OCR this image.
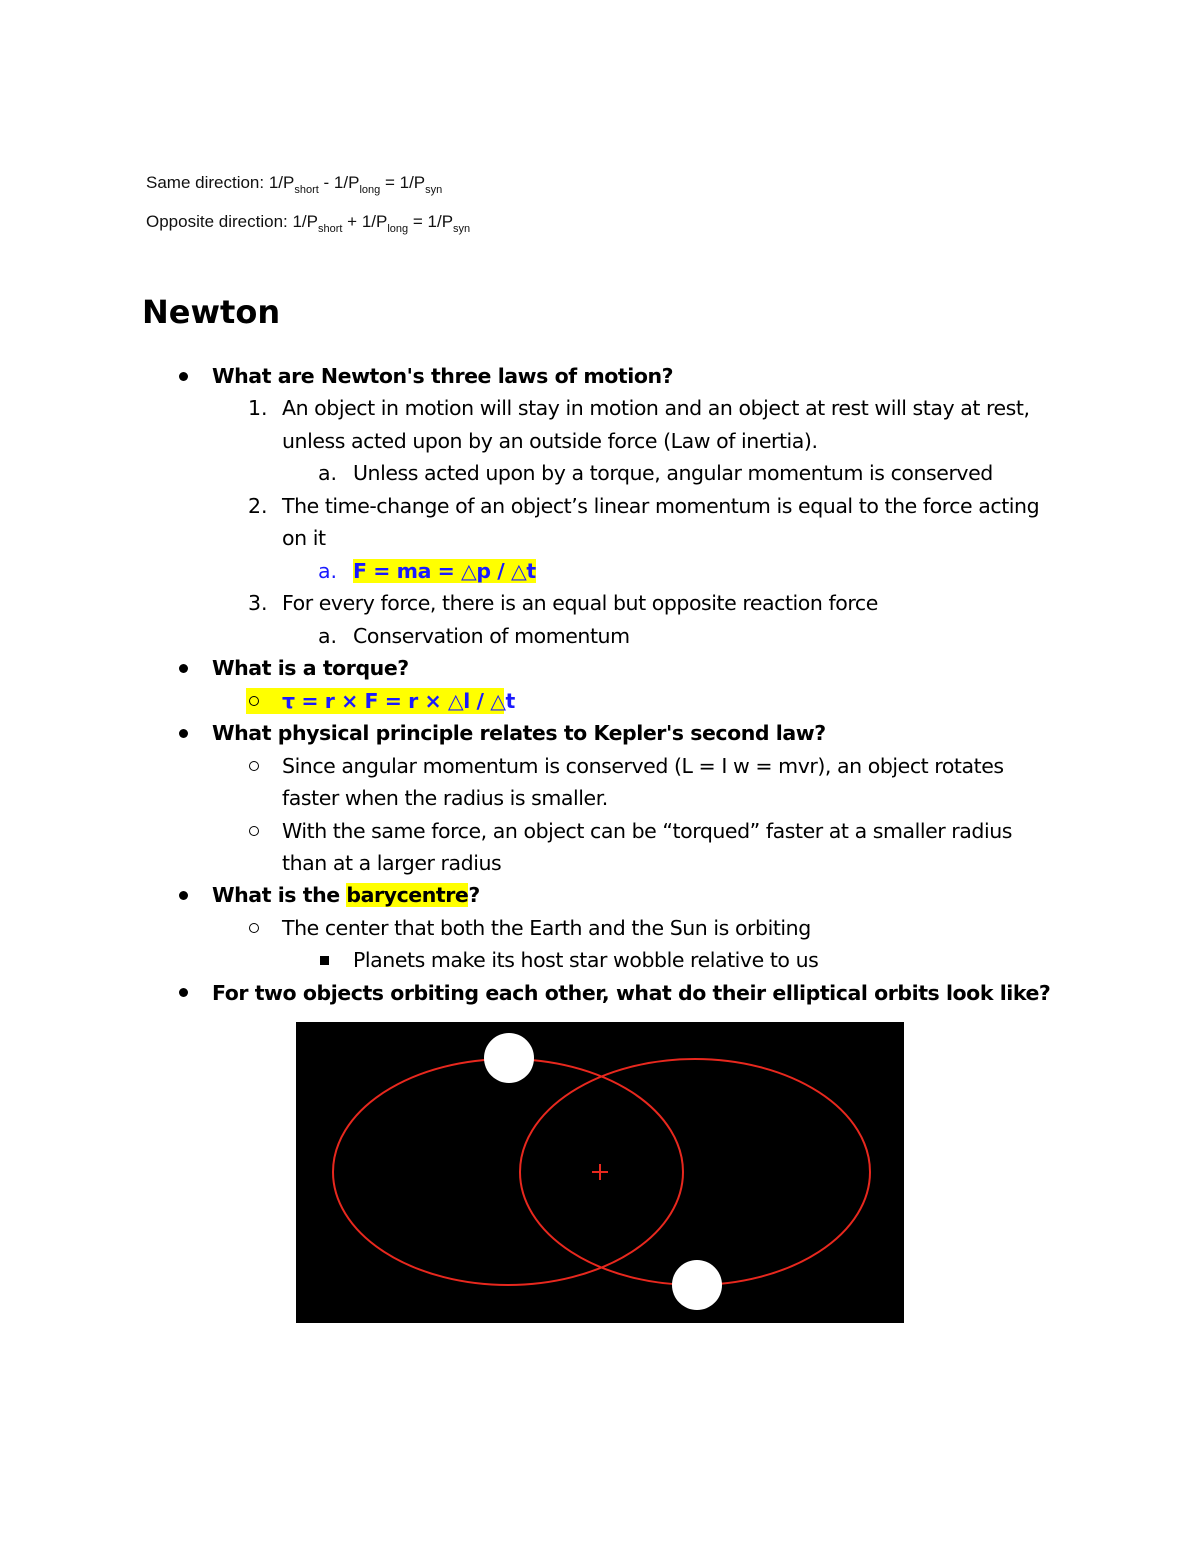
Same direction: $1/P_{short} - 1/P_{long} = 1/P_{syn}$
Opposite direction: $1/P_{short} + 1/P_{long} = 1/P_{syn}$
Newton
What are Newton's three laws of motion?
1. An object in motion will stay in motion and an object at rest will stay at rest,
unless acted upon by an outside force (Law of inertia).
a. Unless acted upon by a torque, angular momentum is conserved
2. The time-change of an object’s linear momentum is equal to the force acting
on it
a. F = ma = △p / △t
3. For every force, there is an equal but opposite reaction force
a. Conservation of momentum
What is a torque?
τ = r × F = r × △l / △t
What physical principle relates to Kepler's second law?
Since angular momentum is conserved (L = I w = mvr), an object rotates
faster when the radius is smaller.
With the same force, an object can be “torqued” faster at a smaller radius
than at a larger radius
What is the barycentre?
The center that both the Earth and the Sun is orbiting
Planets make its host star wobble relative to us
For two objects orbiting each other, what do their elliptical orbits look like?
